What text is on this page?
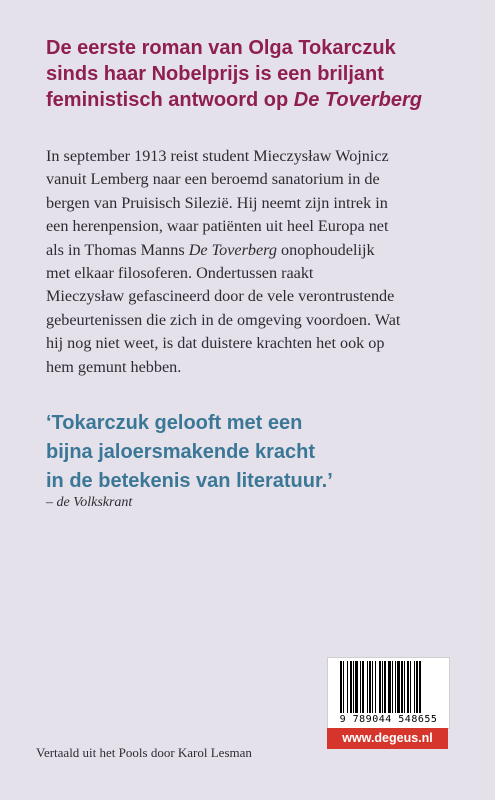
De eerste roman van Olga Tokarczuk
sinds haar Nobelprijs is een briljant
feministisch antwoord op De Toverberg
In september 1913 reist student Mieczysław Wojnicz
vanuit Lemberg naar een beroemd sanatorium in de
bergen van Pruisisch Silezië. Hij neemt zijn intrek in
een herenpension, waar patiënten uit heel Europa net
als in Thomas Manns De Toverberg onophoudelijk
met elkaar filosoferen. Ondertussen raakt
Mieczysław gefascineerd door de vele verontrustende
gebeurtenissen die zich in de omgeving voordoen. Wat
hij nog niet weet, is dat duistere krachten het ook op
hem gemunt hebben.
‘Tokarczuk gelooft met een
bijna jaloersmakende kracht
in de betekenis van literatuur.’
– de Volkskrant
Vertaald uit het Pools door Karol Lesman
9 789044 548655
www.degeus.nl
